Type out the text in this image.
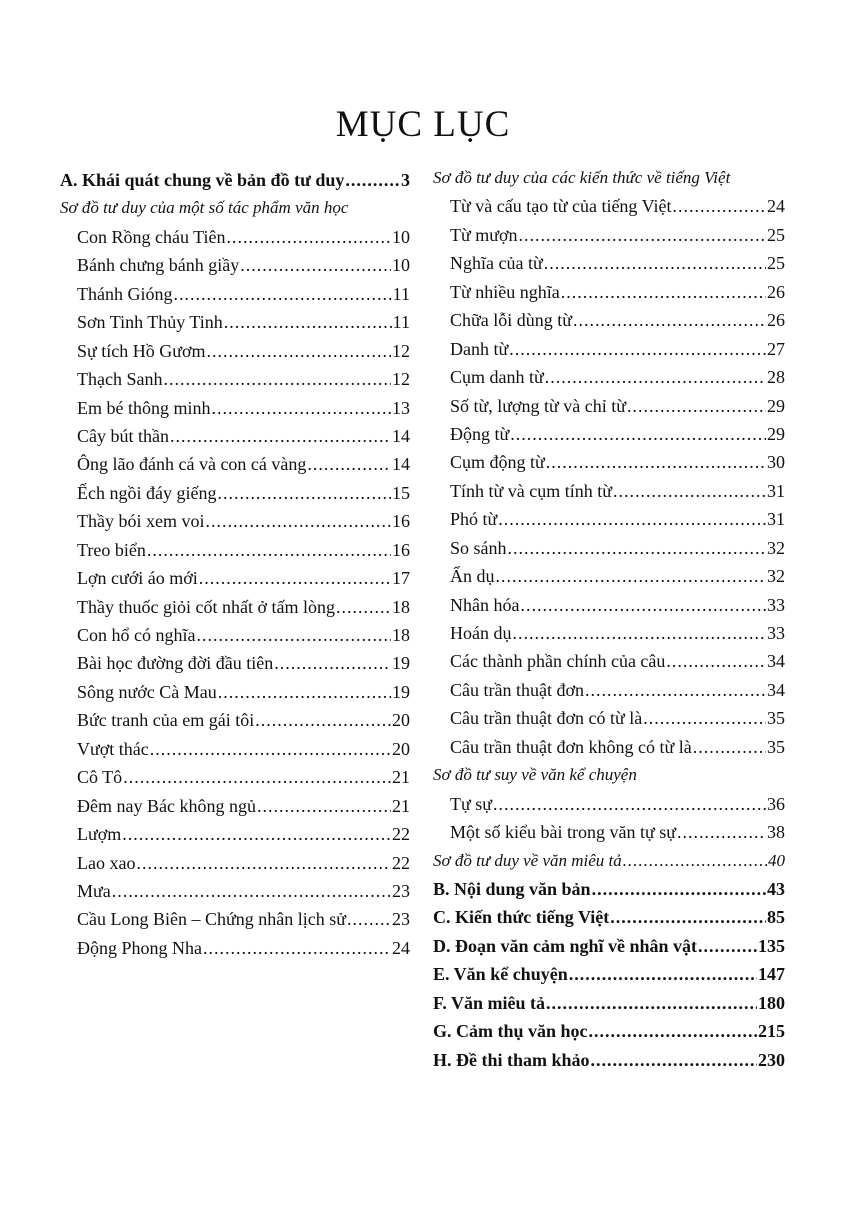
MỤC LỤC
A. Khái quát chung về bản đồ tư duy .....	3
Sơ đồ tư duy của một số tác phẩm văn học
Con Rồng cháu Tiên .....	10
Bánh chưng bánh giầy .....	10
Thánh Gióng .....	11
Sơn Tinh Thủy Tinh .....	11
Sự tích Hồ Gươm .....	12
Thạch Sanh .....	12
Em bé thông minh .....	13
Cây bút thần .....	14
Ông lão đánh cá và con cá vàng .....	14
Ếch ngồi đáy giếng .....	15
Thầy bói xem voi .....	16
Treo biển .....	16
Lợn cưới áo mới .....	17
Thầy thuốc giỏi cốt nhất ở tấm lòng .....	18
Con hổ có nghĩa .....	18
Bài học đường đời đầu tiên .....	19
Sông nước Cà Mau .....	19
Bức tranh của em gái tôi .....	20
Vượt thác .....	20
Cô Tô .....	21
Đêm nay Bác không ngủ .....	21
Lượm .....	22
Lao xao .....	22
Mưa .....	23
Cầu Long Biên – Chứng nhân lịch sử .....	23
Động Phong Nha .....	24
Sơ đồ tư duy của các kiến thức về tiếng Việt
Từ và cấu tạo từ của tiếng Việt .....	24
Từ mượn .....	25
Nghĩa của từ .....	25
Từ nhiều nghĩa .....	26
Chữa lỗi dùng từ .....	26
Danh từ .....	27
Cụm danh từ .....	28
Số từ, lượng từ và chỉ từ .....	29
Động từ .....	29
Cụm động từ .....	30
Tính từ và cụm tính từ .....	31
Phó từ .....	31
So sánh .....	32
Ẩn dụ .....	32
Nhân hóa .....	33
Hoán dụ .....	33
Các thành phần chính của câu .....	34
Câu trần thuật đơn .....	34
Câu trần thuật đơn có từ là .....	35
Câu trần thuật đơn không có từ là .....	35
Sơ đồ tư suy về văn kể chuyện
Tự sự .....	36
Một số kiểu bài trong văn tự sự .....	38
Sơ đồ tư duy về văn miêu tả .....	40
B. Nội dung văn bản .....	43
C. Kiến thức tiếng Việt .....	85
D. Đoạn văn cảm nghĩ về nhân vật .....	135
E. Văn kể chuyện .....	147
F. Văn miêu tả .....	180
G. Cảm thụ văn học .....	215
H. Đề thi tham khảo .....	230
